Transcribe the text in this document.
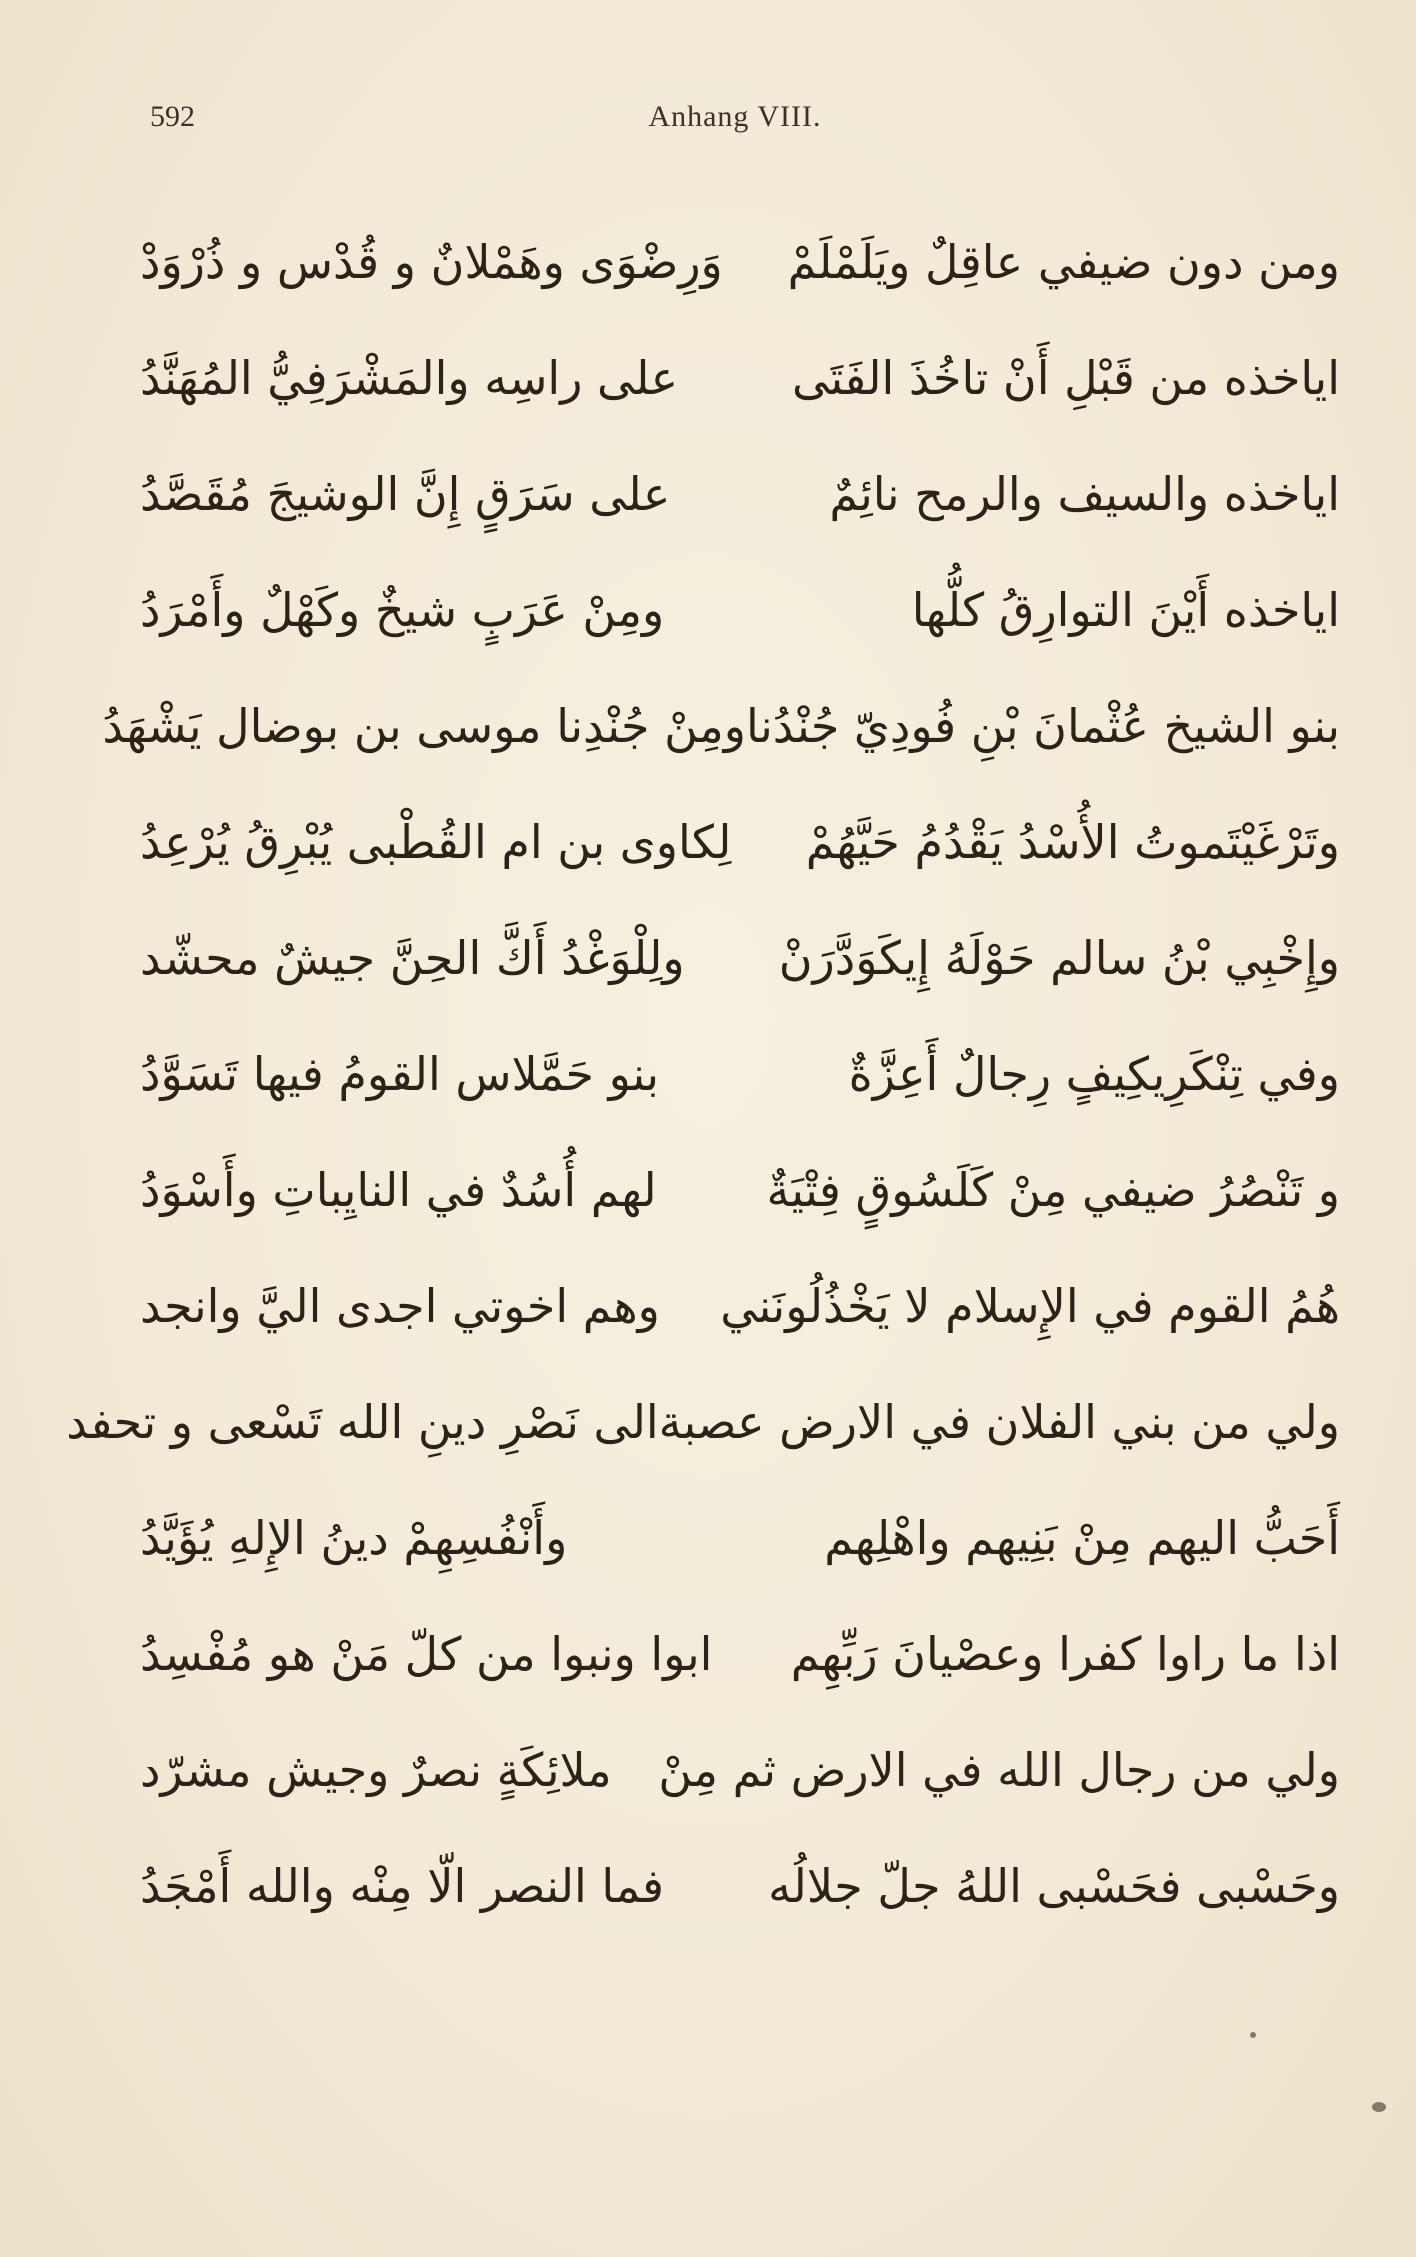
592	Anhang VIII.
ومن دون ضيفي عاقِلٌ ويَلَمْلَمْ
وَرِضْوَى وهَمْلانٌ و قُدْس و ذُرْوَدْ
اياخذه من قَبْلِ أَنْ تاخُذَ الفَتَى
على راسِه والمَشْرَفِيُّ المُهَنَّدُ
اياخذه والسيف والرمح نائِمٌ
على سَرَقٍ إِنَّ الوشيجَ مُقَصَّدُ
اياخذه أَيْنَ التوارِقُ كلُّها
ومِنْ عَرَبٍ شيخٌ وكَهْلٌ وأَمْرَدُ
بنو الشيخ عُثْمانَ بْنِ فُودِيّ جُنْدُنا
ومِنْ جُنْدِنا موسى بن بوضال يَشْهَدُ
وتَرْغَيْتَموتُ الأُسْدُ يَقْدُمُ حَيَّهُمْ
لِكاوى بن ام القُطْبى يُبْرِقُ يُرْعِدُ
وإِخْبِي بْنُ سالم حَوْلَهُ إِيكَوَدَّرَنْ
ولِلْوَغْدُ أَكَّ الحِنَّ جيشٌ محشّد
وفي تِنْكَرِيكِيفٍ رِجالٌ أَعِزَّةٌ
بنو حَمَّلاس القومُ فيها تَسَوَّدُ
و تَنْصُرُ ضيفي مِنْ كَلَسُوقٍ فِتْيَةٌ
لهم أُسُدٌ في النايِباتِ وأَسْوَدُ
هُمُ القوم في الإِسلام لا يَخْذُلُونَني
وهم اخوتي اجدى اليَّ وانجد
ولي من بني الفلان في الارض عصبة
الى نَصْرِ دينِ الله تَسْعى و تحفد
أَحَبُّ اليهم مِنْ بَنِيهم واهْلِهم
وأَنْفُسِهِمْ دينُ الإِلهِ يُؤَيَّدُ
اذا ما راوا كفرا وعصْيانَ رَبِّهِم
ابوا ونبوا من كلّ مَنْ هو مُفْسِدُ
ولي من رجال الله في الارض ثم مِنْ
ملائِكَةٍ نصرٌ وجيش مشرّد
وحَسْبى فحَسْبى اللهُ جلّ جلالُه
فما النصر الّا مِنْه والله أَمْجَدُ
